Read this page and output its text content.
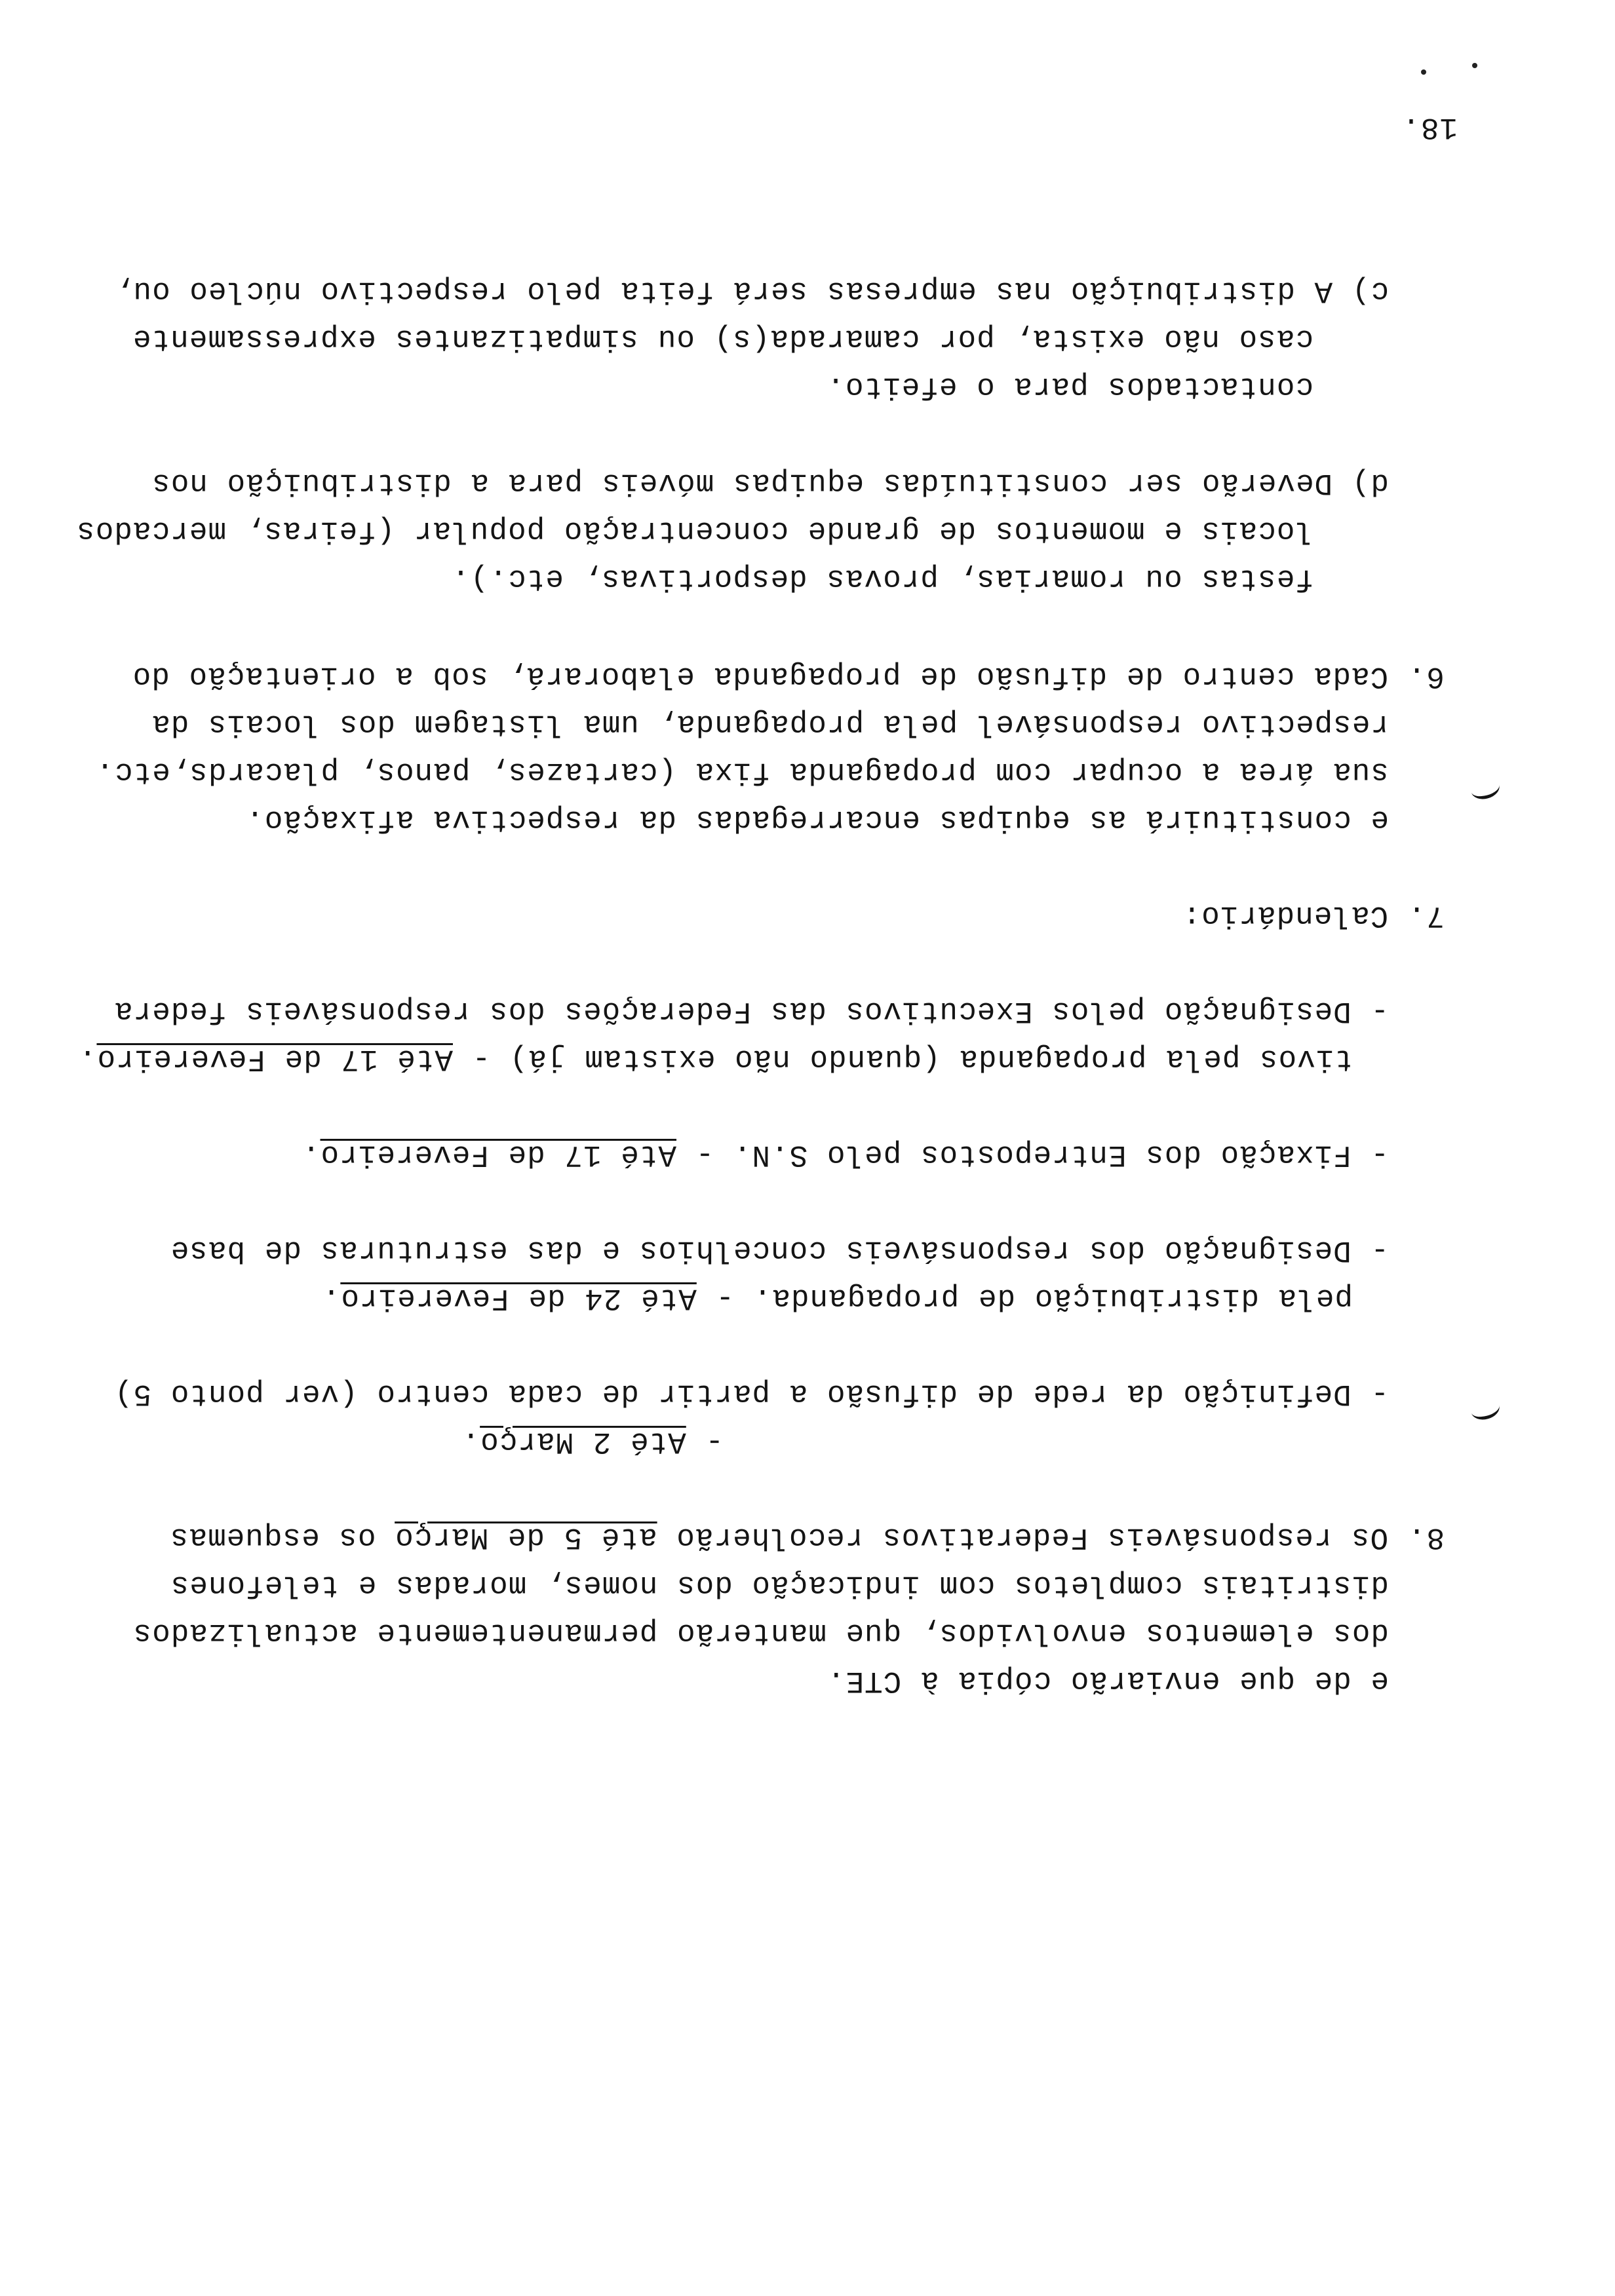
18.
c) A distribuição nas empresas será feita pelo respectivo núcleo ou,
caso não exista, por camarada(s) ou simpatizantes expressamente
contactados para o efeito.
d) Deverão ser constituídas equipas móveis para a distribuição nos
locais e momentos de grande concentração popular (feiras, mercados
festas ou romarias, provas desportivas, etc.).
6. Cada centro de difusão de propaganda elaborará, sob a orientação do
respectivo responsável pela propaganda, uma listagem dos locais da
sua área a ocupar com propaganda fixa (cartazes, panos, placards,etc.
e constituirá as equipas encarregadas da respectiva afixação.
7. Calendário:
- Designação pelos Executivos das Federações dos responsáveis federa
tivos pela propaganda (quando não existam já) - Até 17 de Fevereiro.
- Fixação dos Entrepostos pelo S.N. - Até 17 de Fevereiro.
- Designação dos responsáveis concelhios e das estruturas de base
pela distribuição de propaganda. - Até 24 de Fevereiro.
- Definição da rede de difusão a partir de cada centro (ver ponto 5)
- Até 2 Março.
8. Os responsáveis Federativos recolherão até 5 de Março os esquemas
distritais completos com indicação dos nomes, moradas e telefones
dos elementos envolvidos, que manterão permanentemente actualizados
e de que enviarão cópia à CTE.
